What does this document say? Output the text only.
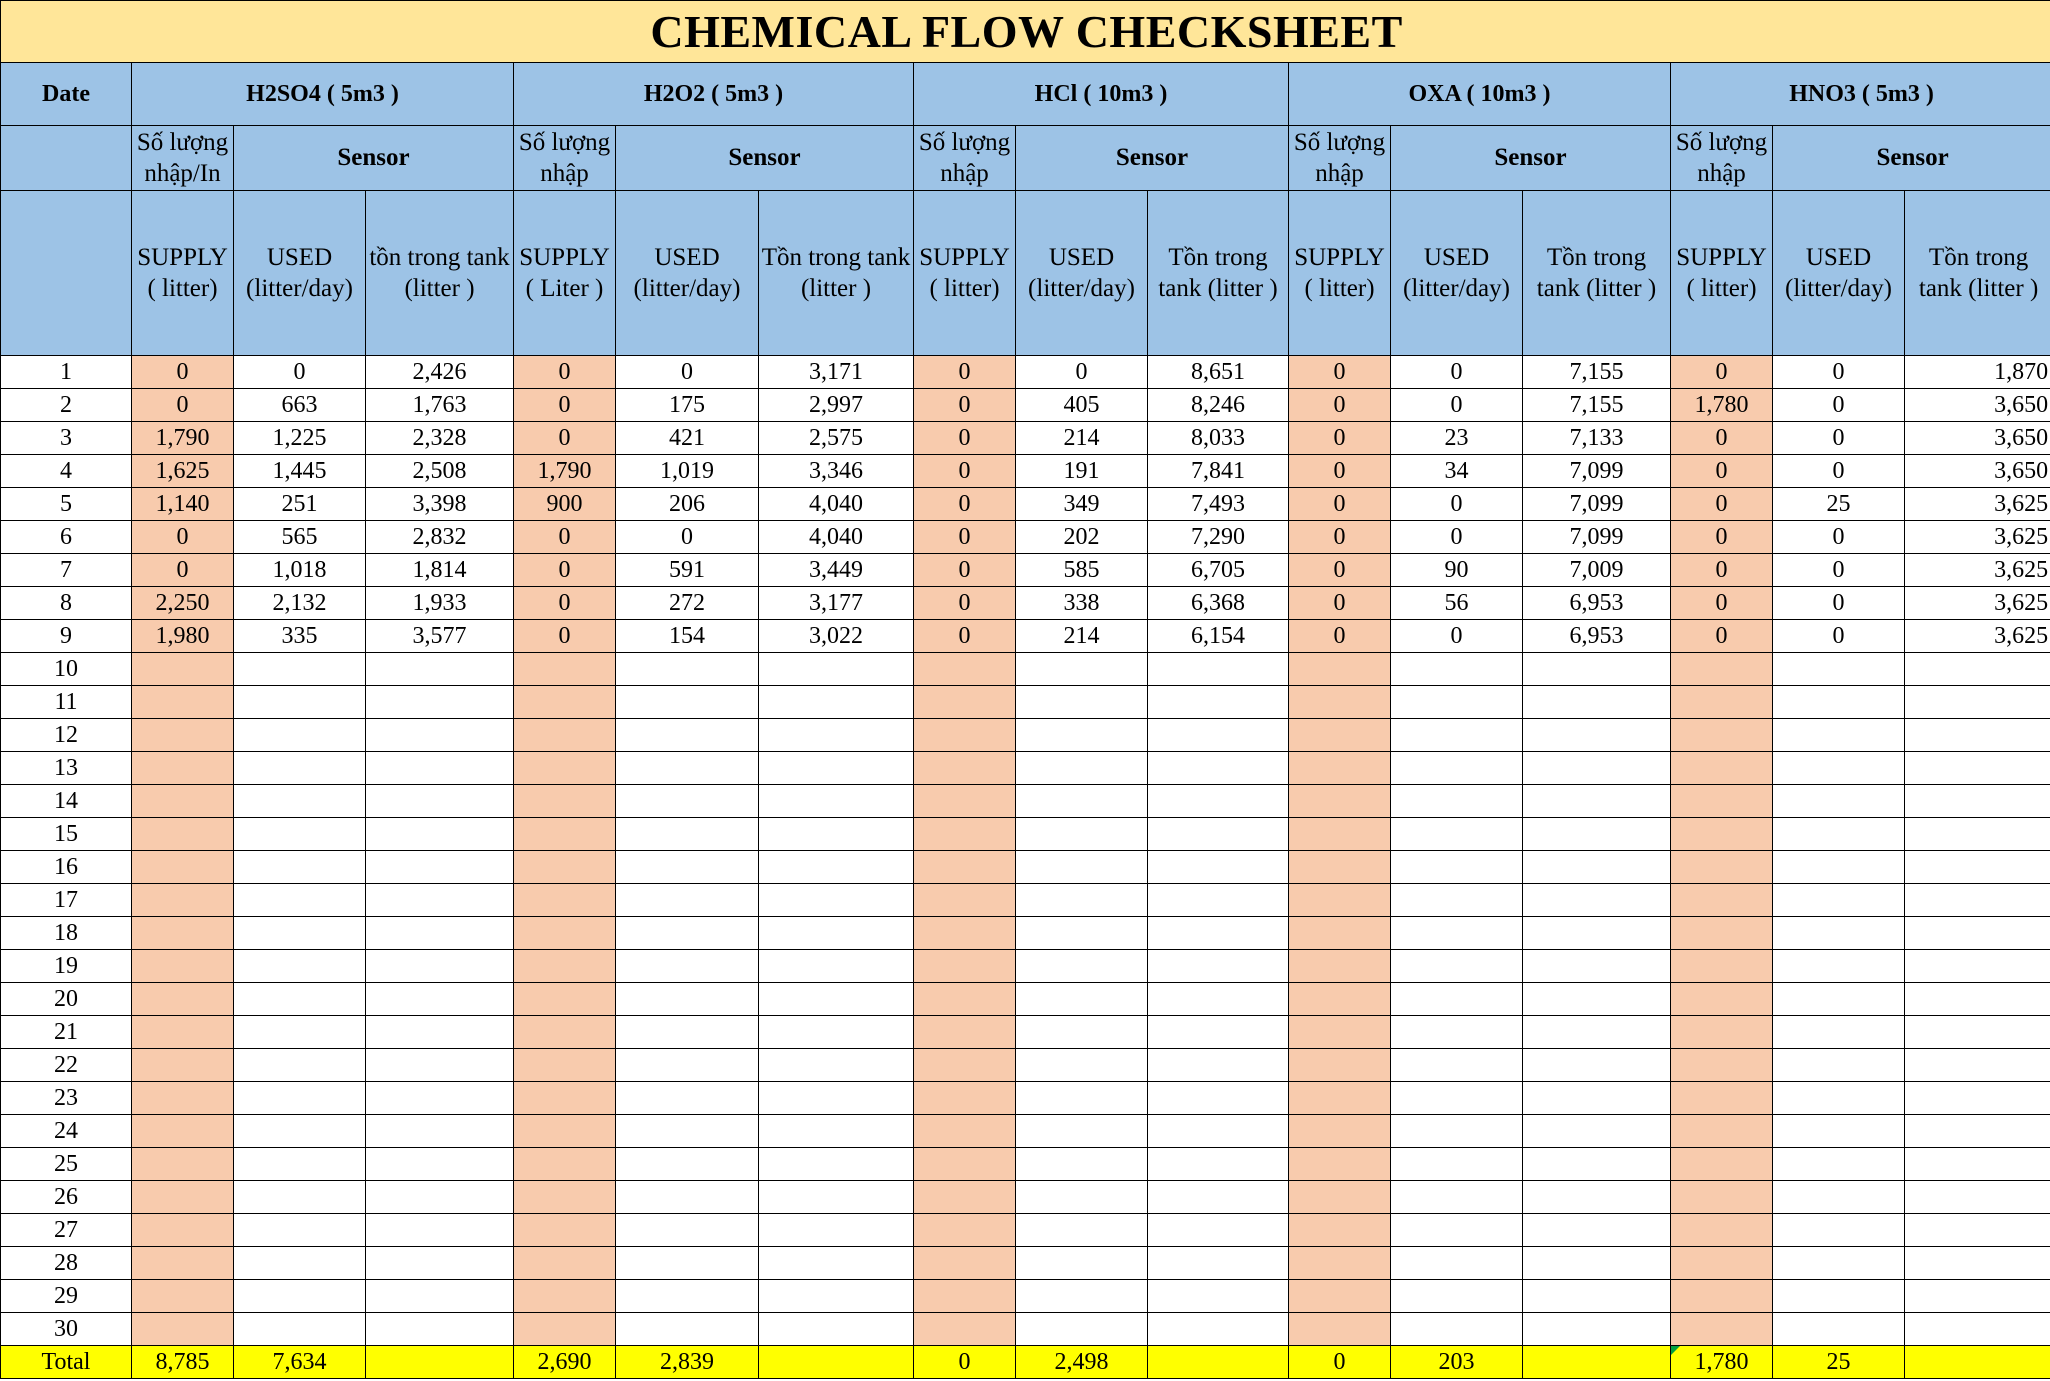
CHEMICAL FLOW CHECKSHEET															
Date	H2SO4 ( 5m3 )			H2O2 ( 5m3 )			HCl ( 10m3 )			OXA ( 10m3 )			HNO3 ( 5m3 )		

	Số lượng nhập/In	Sensor		Số lượng nhập	Sensor		Số lượng nhập	Sensor		Số lượng nhập	Sensor		Số lượng nhập	Sensor	
	SUPPLY ( litter)	USED (litter/day)	tồn trong tank (litter )	SUPPLY ( Liter )	USED (litter/day)	Tồn trong tank (litter )	SUPPLY ( litter)	USED (litter/day)	Tồn trong tank (litter )	SUPPLY ( litter)	USED (litter/day)	Tồn trong tank (litter )	SUPPLY ( litter)	USED (litter/day)	Tồn trong tank (litter )
1	0	0	2,426	0	0	3,171	0	0	8,651	0	0	7,155	0	0	1,870
2	0	663	1,763	0	175	2,997	0	405	8,246	0	0	7,155	1,780	0	3,650
3	1,790	1,225	2,328	0	421	2,575	0	214	8,033	0	23	7,133	0	0	3,650
4	1,625	1,445	2,508	1,790	1,019	3,346	0	191	7,841	0	34	7,099	0	0	3,650
5	1,140	251	3,398	900	206	4,040	0	349	7,493	0	0	7,099	0	25	3,625
6	0	565	2,832	0	0	4,040	0	202	7,290	0	0	7,099	0	0	3,625
7	0	1,018	1,814	0	591	3,449	0	585	6,705	0	90	7,009	0	0	3,625
8	2,250	2,132	1,933	0	272	3,177	0	338	6,368	0	56	6,953	0	0	3,625
9	1,980	335	3,577	0	154	3,022	0	214	6,154	0	0	6,953	0	0	3,625
10															
11															
12															
13															
14															
15															
16															
17															
18															
19															
20															
21															
22															
23															
24															
25															
26															
27															
28															
29															
30															
Total	8,785	7,634		2,690	2,839		0	2,498		0	203		1,780	25	
